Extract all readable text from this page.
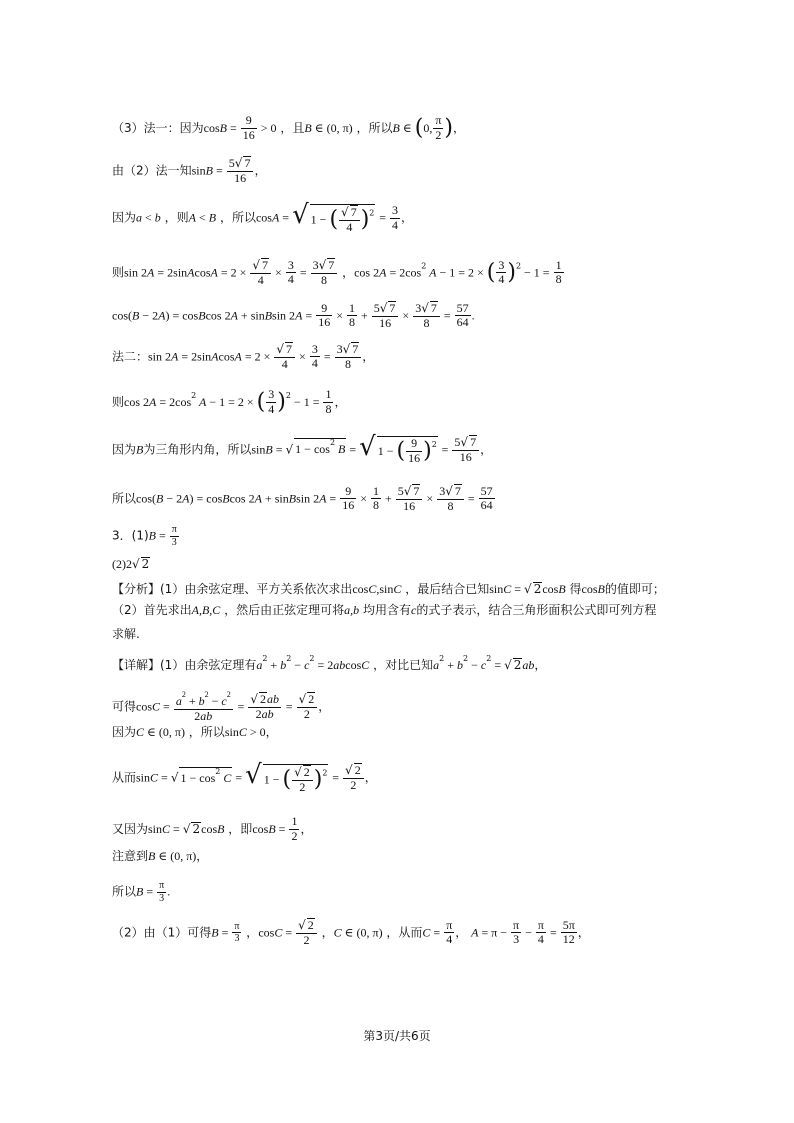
（3）法一：因为$\cos B = \frac{9}{16} > 0$ ，且B ∈ (0, π) ，所以B ∈ (0, $\frac{\pi}{2}$ )，
由（2）法一知$\sin B = \frac{5√ 7}{16}$ ，
因为a < b ，则A < B ，所以cosA = √ 1 − ( $\frac{√ 7}{4} )^2 = \frac{3}{4}$ ，
则sin 2A = 2sinAcosA = $2 \times \frac{√ 7}{4} \times \frac{3}{4} = \frac{3√ 7}{8}$ ，$\cos 2A = 2\cos^2$ A − 1 = 2 × ( $\frac{3}{4} )^2 - 1 = \frac{1}{8}$
cos(B − 2A) = cosBcos 2A + sinBsin $2A = \frac{9}{16} \times \frac{1}{8} + \frac{5√ 7}{16} \times \frac{3√ 7}{8} = \frac{57}{64}$ .
法二：sin 2A = 2sinAcosA = $2 \times \frac{√ 7}{4} \times \frac{3}{4} = \frac{3√ 7}{8}$ ，
则$\cos 2A = 2\cos^2$ A − 1 = 2 × ( $\frac{3}{4} )^2 - 1 = \frac{1}{8}$ ，
因为B为三角形内角，所以sinB = √ $1 - \cos^2 B$ = √ 1 − ( $\frac{9}{16} )^2 = \frac{5√ 7}{16}$ ，
所以cos(B − 2A) = cosBcos 2A + sinBsin $2A = \frac{9}{16} \times \frac{1}{8} + \frac{5√ 7}{16} \times \frac{3√ 7}{8} = \frac{57}{64}$
3．$(1)B = \frac{\pi}{3}$
(2)2√ 2
【分析】(1）由余弦定理、平方关系依次求出cosC,sinC ，最后结合已知sinC = √ 2cosB 得cosB的值即可；
（2）首先求出A,B,C ，然后由正弦定理可将a,b 均用含有c的式子表示，结合三角形面积公式即可列方程
求解.
【详解】(1）由余弦定理有$a^2 + b^2 - c^2 = 2abcosC$ ，对比已知$a^2 + b^2 - c^2$ = √ 2ab，
可得$\cos C = \frac{a^2 + b^2 - c^2}{2ab} = \frac{√ 2ab}{2ab} = \frac{√ 2}{2}$ ，
因为C ∈ (0, π) ，所以sinC > 0，
从而sinC = √ $1 - \cos^2 C$ = √ 1 − ( $\frac{√ 2}{2} )^2 = \frac{√ 2}{2}$ ，
又因为sinC = √ 2cosB ，即$\cos B = \frac{1}{2}$ ，
注意到B ∈ (0, π)，
所以$B = \frac{\pi}{3}$ .
（2）由（1）可得$B = \frac{\pi}{3}$ ，$\cos C = \frac{√ 2}{2}$ ，C ∈ (0, π) ，从而$C = \frac{\pi}{4}$ ， $A = \pi - \frac{\pi}{3} - \frac{\pi}{4} = \frac{5\pi}{12}$ ，
第3页/共6页
